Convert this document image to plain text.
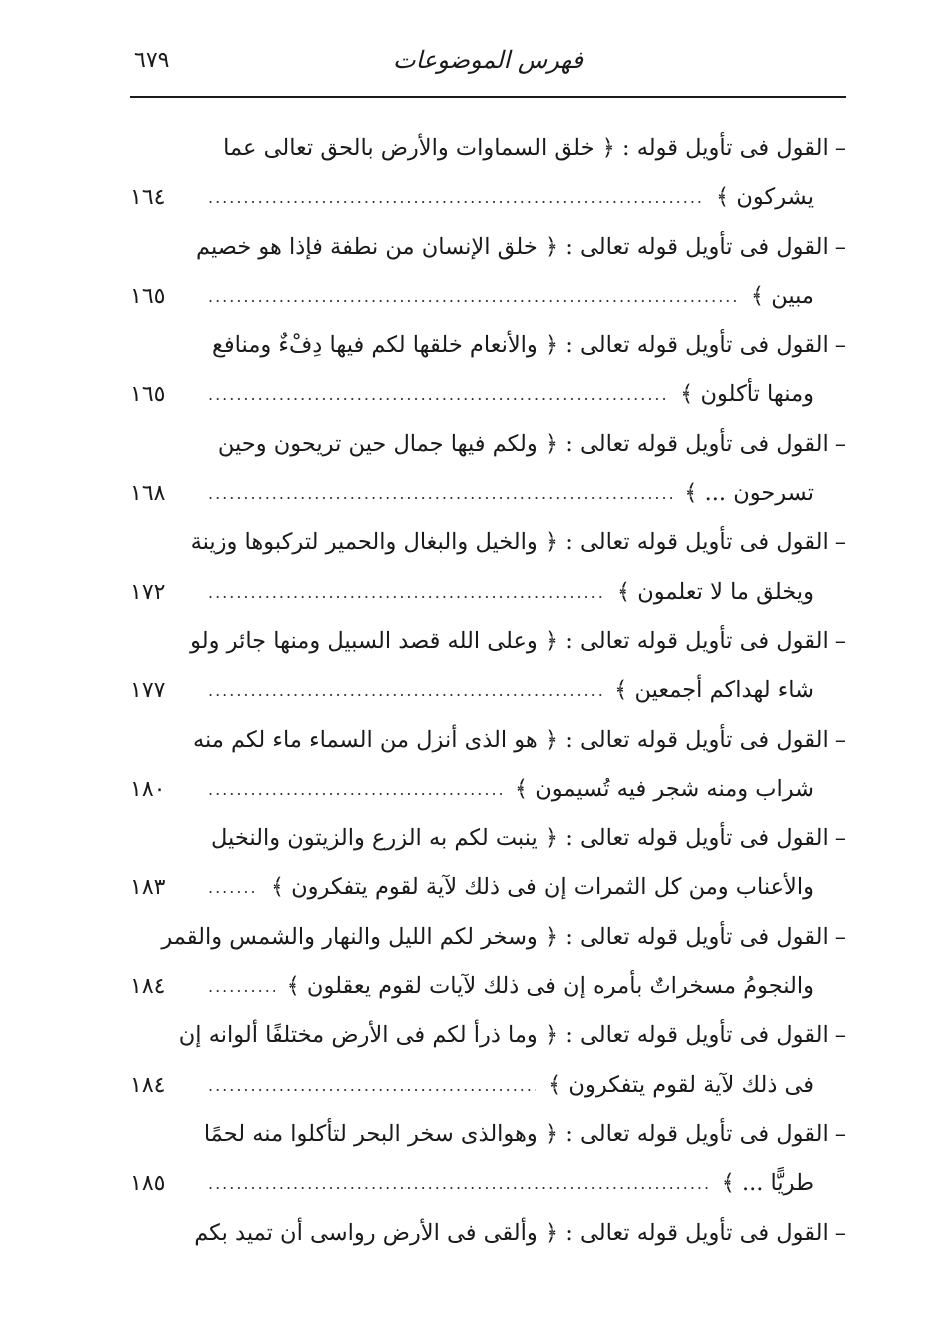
٦٧٩	فهرس الموضوعات
–القول فى تأويل قوله : ﴿ خلق السماوات والأرض بالحق تعالى عما
يشركون ﴾
.....
١٦٤
–القول فى تأويل قوله تعالى : ﴿ خلق الإنسان من نطفة فإذا هو خصيم
مبين ﴾
.....
١٦٥
–القول فى تأويل قوله تعالى : ﴿ والأنعام خلقها لكم فيها دِفْءٌ ومنافع
ومنها تأكلون ﴾
.....
١٦٥
–القول فى تأويل قوله تعالى : ﴿ ولكم فيها جمال حين تريحون وحين
تسرحون ... ﴾
.....
١٦٨
–القول فى تأويل قوله تعالى : ﴿ والخيل والبغال والحمير لتركبوها وزينة
ويخلق ما لا تعلمون ﴾
.....
١٧٢
–القول فى تأويل قوله تعالى : ﴿ وعلى الله قصد السبيل ومنها جائر ولو
شاء لهداكم أجمعين ﴾
.....
١٧٧
–القول فى تأويل قوله تعالى : ﴿ هو الذى أنزل من السماء ماء لكم منه
شراب ومنه شجر فيه تُسيمون ﴾
.....
١٨٠
–القول فى تأويل قوله تعالى : ﴿ ينبت لكم به الزرع والزيتون والنخيل
والأعناب ومن كل الثمرات إن فى ذلك لآية لقوم يتفكرون ﴾
.....
١٨٣
–القول فى تأويل قوله تعالى : ﴿ وسخر لكم الليل والنهار والشمس والقمر
والنجومُ مسخراتٌ بأمره إن فى ذلك لآيات لقوم يعقلون ﴾
.....
١٨٤
–القول فى تأويل قوله تعالى : ﴿ وما ذرأ لكم فى الأرض مختلفًا ألوانه إن
فى ذلك لآية لقوم يتفكرون ﴾
.....
١٨٤
–القول فى تأويل قوله تعالى : ﴿ وهوالذى سخر البحر لتأكلوا منه لحمًا
طريًّا ... ﴾
.....
١٨٥
–القول فى تأويل قوله تعالى : ﴿ وألقى فى الأرض رواسى أن تميد بكم
